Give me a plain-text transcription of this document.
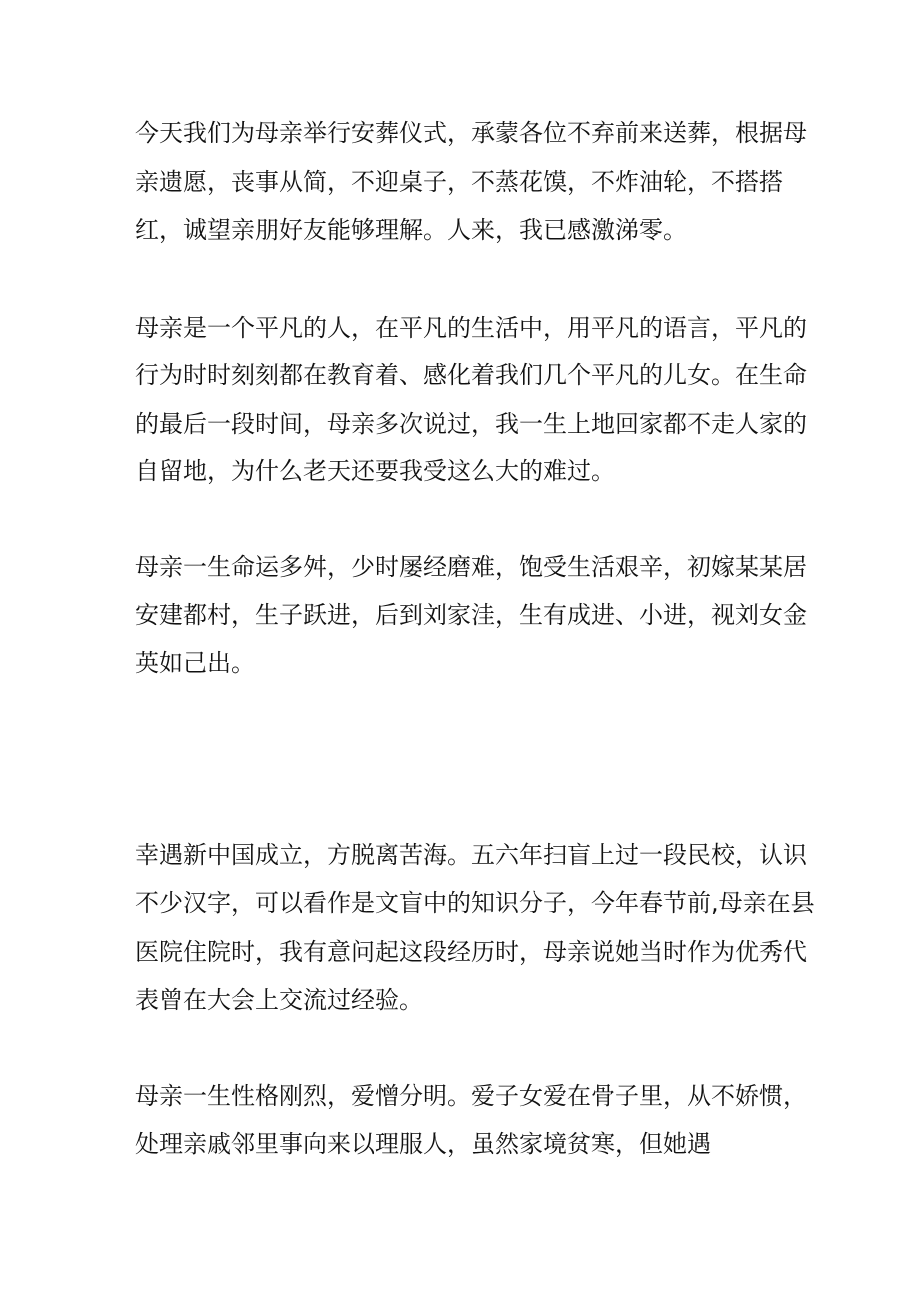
今天我们为母亲举行安葬仪式，承蒙各位不弃前来送葬，根据母

亲遗愿，丧事从简，不迎桌子，不蒸花馍，不炸油轮，不搭搭

红，诚望亲朋好友能够理解。人来，我已感激涕零。

母亲是一个平凡的人，在平凡的生活中，用平凡的语言，平凡的

行为时时刻刻都在教育着、感化着我们几个平凡的儿女。在生命

的最后一段时间，母亲多次说过，我一生上地回家都不走人家的

自留地，为什么老天还要我受这么大的难过。

母亲一生命运多舛，少时屡经磨难，饱受生活艰辛，初嫁某某居

安建都村，生子跃进，后到刘家洼，生有成进、小进，视刘女金

英如己出。

幸遇新中国成立，方脱离苦海。五六年扫盲上过一段民校，认识

不少汉字，可以看作是文盲中的知识分子，今年春节前,母亲在县

医院住院时，我有意问起这段经历时，母亲说她当时作为优秀代

表曾在大会上交流过经验。

母亲一生性格刚烈，爱憎分明。爱子女爱在骨子里，从不娇惯，

处理亲戚邻里事向来以理服人，虽然家境贫寒，但她遇
